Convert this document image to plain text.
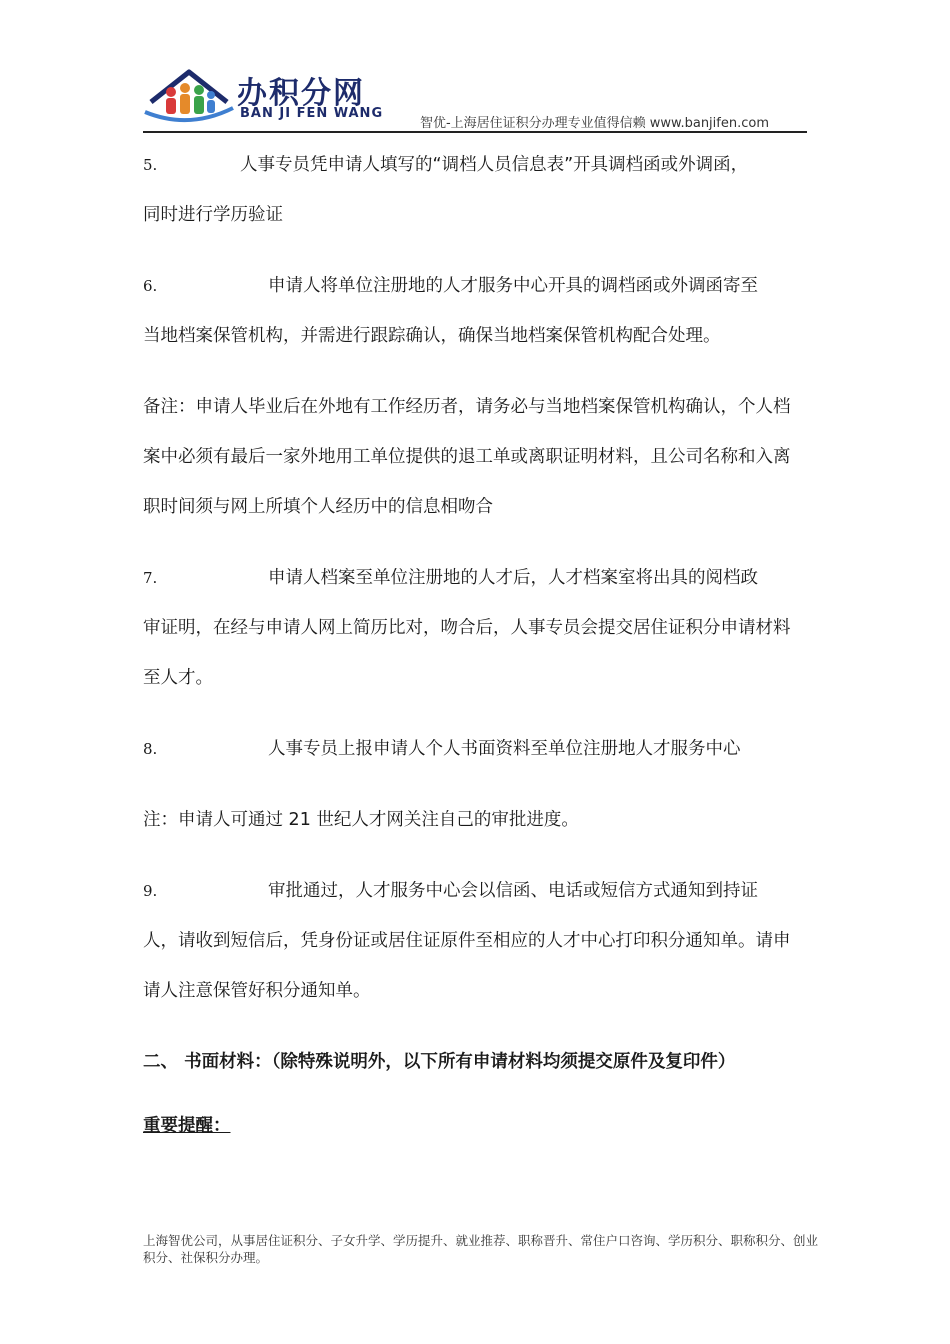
办积分网
BAN JI FEN WANG
智优-上海居住证积分办理专业值得信赖 www.banjifen.com

5.	人事专员凭申请人填写的“调档人员信息表”开具调档函或外调函，
同时进行学历验证

6.	申请人将单位注册地的人才服务中心开具的调档函或外调函寄至
当地档案保管机构，并需进行跟踪确认，确保当地档案保管机构配合处理。

备注：申请人毕业后在外地有工作经历者，请务必与当地档案保管机构确认，个人档案中必须有最后一家外地用工单位提供的退工单或离职证明材料，且公司名称和入离职时间须与网上所填个人经历中的信息相吻合

7.	申请人档案至单位注册地的人才后，人才档案室将出具的阅档政
审证明，在经与申请人网上简历比对，吻合后，人事专员会提交居住证积分申请材料至人才。

8.	人事专员上报申请人个人书面资料至单位注册地人才服务中心

注：申请人可通过 21 世纪人才网关注自己的审批进度。

9.	审批通过，人才服务中心会以信函、电话或短信方式通知到持证
人，请收到短信后，凭身份证或居住证原件至相应的人才中心打印积分通知单。请申请人注意保管好积分通知单。

二、 书面材料：（除特殊说明外，以下所有申请材料均须提交原件及复印件）

重要提醒：

上海智优公司，从事居住证积分、子女升学、学历提升、就业推荐、职称晋升、常住户口咨询、学历积分、职称积分、创业积分、社保积分办理。
